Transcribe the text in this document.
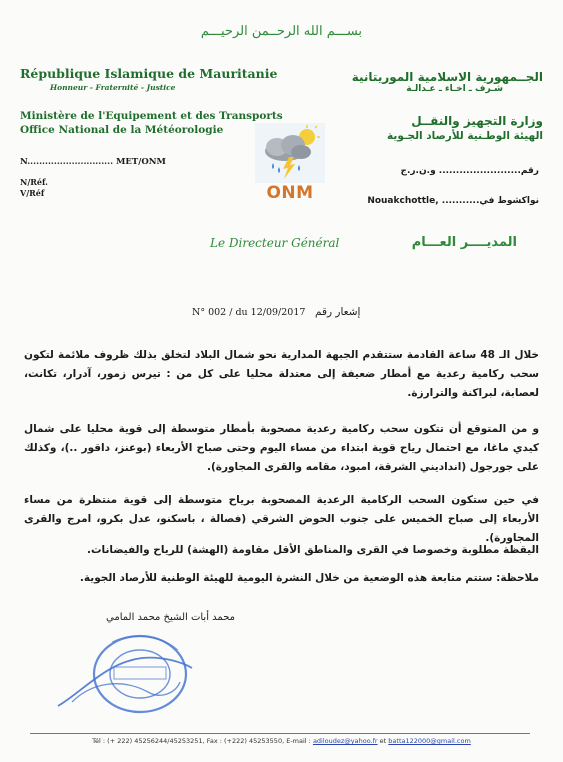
بســـم الله الرحــمن الرحيـــم
République Islamique de Mauritanie
Honneur - Fraternité - Justice
Ministère de l'Equipement et des Transports
Office National de la Météorologie
N............................. MET/ONM
N/Réf.
V/Réf
الجــمهورية الاسلامية الموريتانية
شـرف ـ اخـاء ـ عـدالـة
وزارة التجهيز والنقــل
الهيئة الوطـنية للأرصاد الجـوية
رقم........................ و.ن.ر.ج
نواكشوط في........... ,Nouakchottle
ONM
Le Directeur Général	المديــــر العـــام
N° 002 / du 12/09/2017 إشعار رقم
خلال الـ 48 ساعة القادمة ستتقدم الجبهة المدارية نحو شمال البلاد لتخلق بذلك ظروف ملائمة لتكون سحب ركامية رعدية مع أمطار ضعيفة إلى معتدلة محليا على كل من : تيرس زمور، آدرار، تكانت، لعصابة، لبراكنة والترارزة.
و من المتوقع أن تتكون سحب ركامية رعدية مصحوبة بأمطار متوسطة إلى قوية محليا على شمال كيدي ماغا، مع احتمال رياح قوية ابتداء من مساء اليوم وحتى صباح الأربعاء (بوعنز، داقور ..)، وكذلك على جورجول (انداديني الشرقة، امبود، مقامه والقرى المجاورة).
في حين ستكون السحب الركامية الرعدية المصحوبة برياح متوسطة إلى قوية منتظرة من مساء الأربعاء إلى صباح الخميس على جنوب الحوض الشرقي (فصالة ، باسكنو، عدل بكرو، امرج والقرى المجاورة).
اليقظة مطلوبة وخصوصا في القرى والمناطق الأقل مقاومة (الهشة) للرياح والفيضانات.
ملاحظة: ستتم متابعة هذه الوضعية من خلال النشرة اليومية للهيئة الوطنية للأرصاد الجوية.
محمد أبات الشيخ محمد المامي
Tél : (+ 222) 45256244/45253251, Fax : (+222) 45253550, E-mail : adiloudez@yahoo.fr et batta122000@gmail.com
